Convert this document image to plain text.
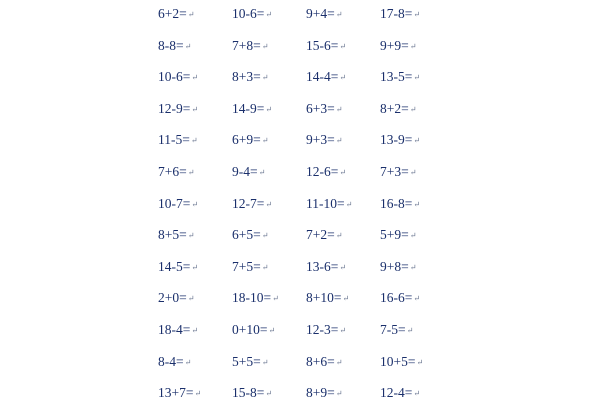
6+2=↵	10-6=↵	9+4=↵	17-8=↵
8-8=↵	7+8=↵	15-6=↵	9+9=↵
10-6=↵	8+3=↵	14-4=↵	13-5=↵
12-9=↵	14-9=↵	6+3=↵	8+2=↵
11-5=↵	6+9=↵	9+3=↵	13-9=↵
7+6=↵	9-4=↵	12-6=↵	7+3=↵
10-7=↵	12-7=↵	11-10=↵ 16-8=↵
8+5=↵	6+5=↵	7+2=↵	5+9=↵
14-5=↵	7+5=↵	13-6=↵	9+8=↵
2+0=↵	18-10=↵ 8+10=↵ 16-6=↵
18-4=↵	0+10=↵ 12-3=↵	7-5=↵
8-4=↵	5+5=↵	8+6=↵	10+5=↵
13+7=↵ 15-8=↵	8+9=↵	12-4=↵
